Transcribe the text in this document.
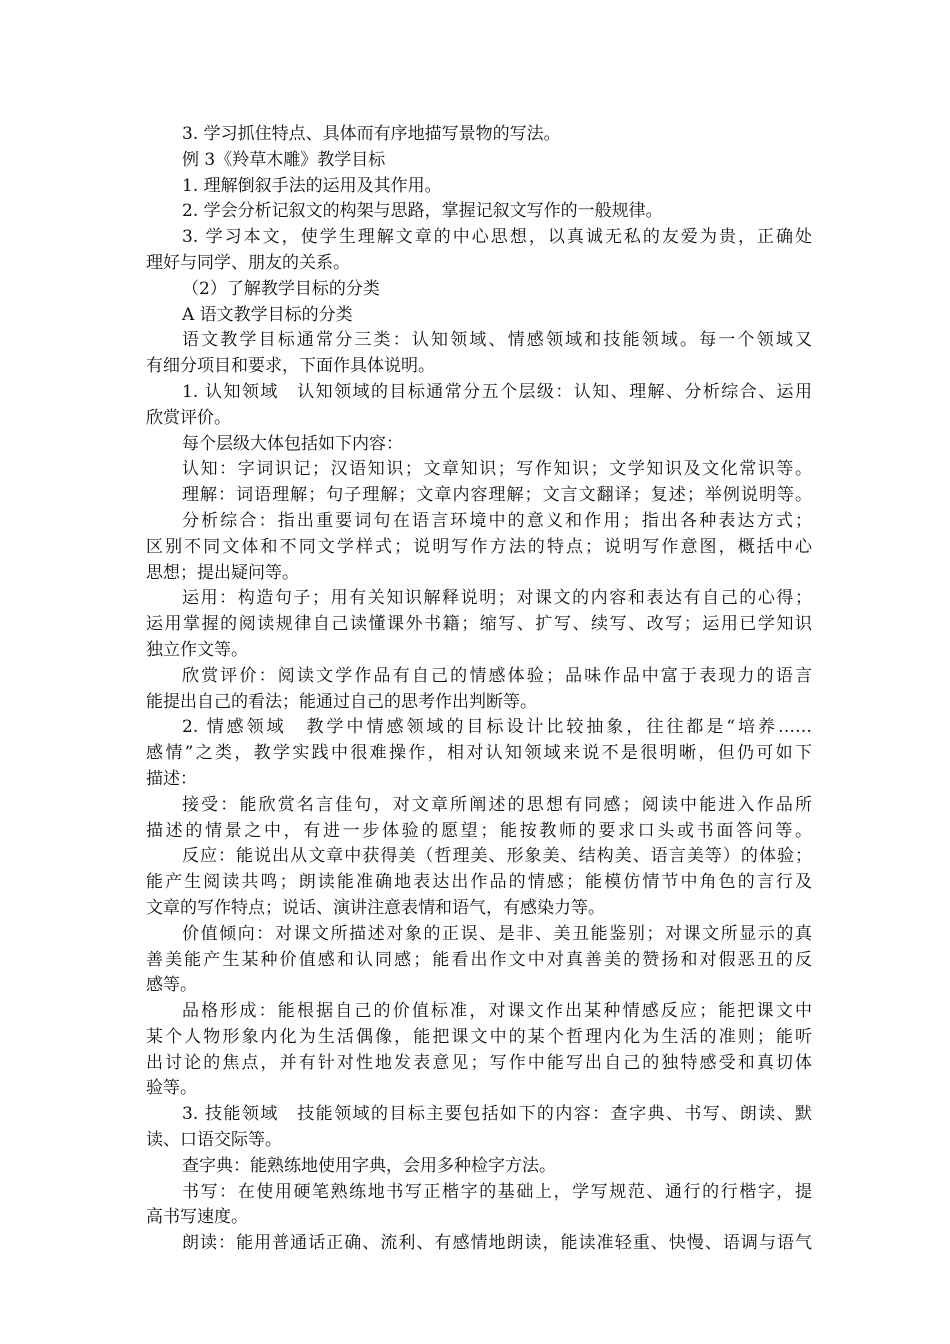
3. 学习抓住特点、具体而有序地描写景物的写法。
例 3《羚草木雕》教学目标
1. 理解倒叙手法的运用及其作用。
2. 学会分析记叙文的构架与思路，掌握记叙文写作的一般规律。
3. 学习本文，使学生理解文章的中心思想，以真诚无私的友爱为贵，正确处
理好与同学、朋友的关系。
（2）了解教学目标的分类
A 语文教学目标的分类
语文教学目标通常分三类：认知领域、情感领域和技能领域。每一个领域又
有细分项目和要求，下面作具体说明。
1. 认知领域　认知领域的目标通常分五个层级：认知、理解、分析综合、运用
欣赏评价。
每个层级大体包括如下内容：
认知：字词识记；汉语知识；文章知识；写作知识；文学知识及文化常识等。
理解：词语理解；句子理解；文章内容理解；文言文翻译；复述；举例说明等。
分析综合：指出重要词句在语言环境中的意义和作用；指出各种表达方式；
区别不同文体和不同文学样式；说明写作方法的特点；说明写作意图，概括中心
思想；提出疑问等。
运用：构造句子；用有关知识解释说明；对课文的内容和表达有自己的心得；
运用掌握的阅读规律自己读懂课外书籍；缩写、扩写、续写、改写；运用已学知识
独立作文等。
欣赏评价：阅读文学作品有自己的情感体验；品味作品中富于表现力的语言
能提出自己的看法；能通过自己的思考作出判断等。
2. 情感领域　教学中情感领域的目标设计比较抽象，往往都是“培养……
感情”之类，教学实践中很难操作，相对认知领域来说不是很明晰，但仍可如下
描述：
接受：能欣赏名言佳句，对文章所阐述的思想有同感；阅读中能进入作品所
描述的情景之中，有进一步体验的愿望；能按教师的要求口头或书面答问等。
反应：能说出从文章中获得美（哲理美、形象美、结构美、语言美等）的体验；
能产生阅读共鸣；朗读能准确地表达出作品的情感；能模仿情节中角色的言行及
文章的写作特点；说话、演讲注意表情和语气，有感染力等。
价值倾向：对课文所描述对象的正误、是非、美丑能鉴别；对课文所显示的真
善美能产生某种价值感和认同感；能看出作文中对真善美的赞扬和对假恶丑的反
感等。
品格形成：能根据自己的价值标准，对课文作出某种情感反应；能把课文中
某个人物形象内化为生活偶像，能把课文中的某个哲理内化为生活的准则；能听
出讨论的焦点，并有针对性地发表意见；写作中能写出自己的独特感受和真切体
验等。
3. 技能领域　技能领域的目标主要包括如下的内容：查字典、书写、朗读、默
读、口语交际等。
查字典：能熟练地使用字典，会用多种检字方法。
书写：在使用硬笔熟练地书写正楷字的基础上，学写规范、通行的行楷字，提
高书写速度。
朗读：能用普通话正确、流利、有感情地朗读，能读准轻重、快慢、语调与语气
